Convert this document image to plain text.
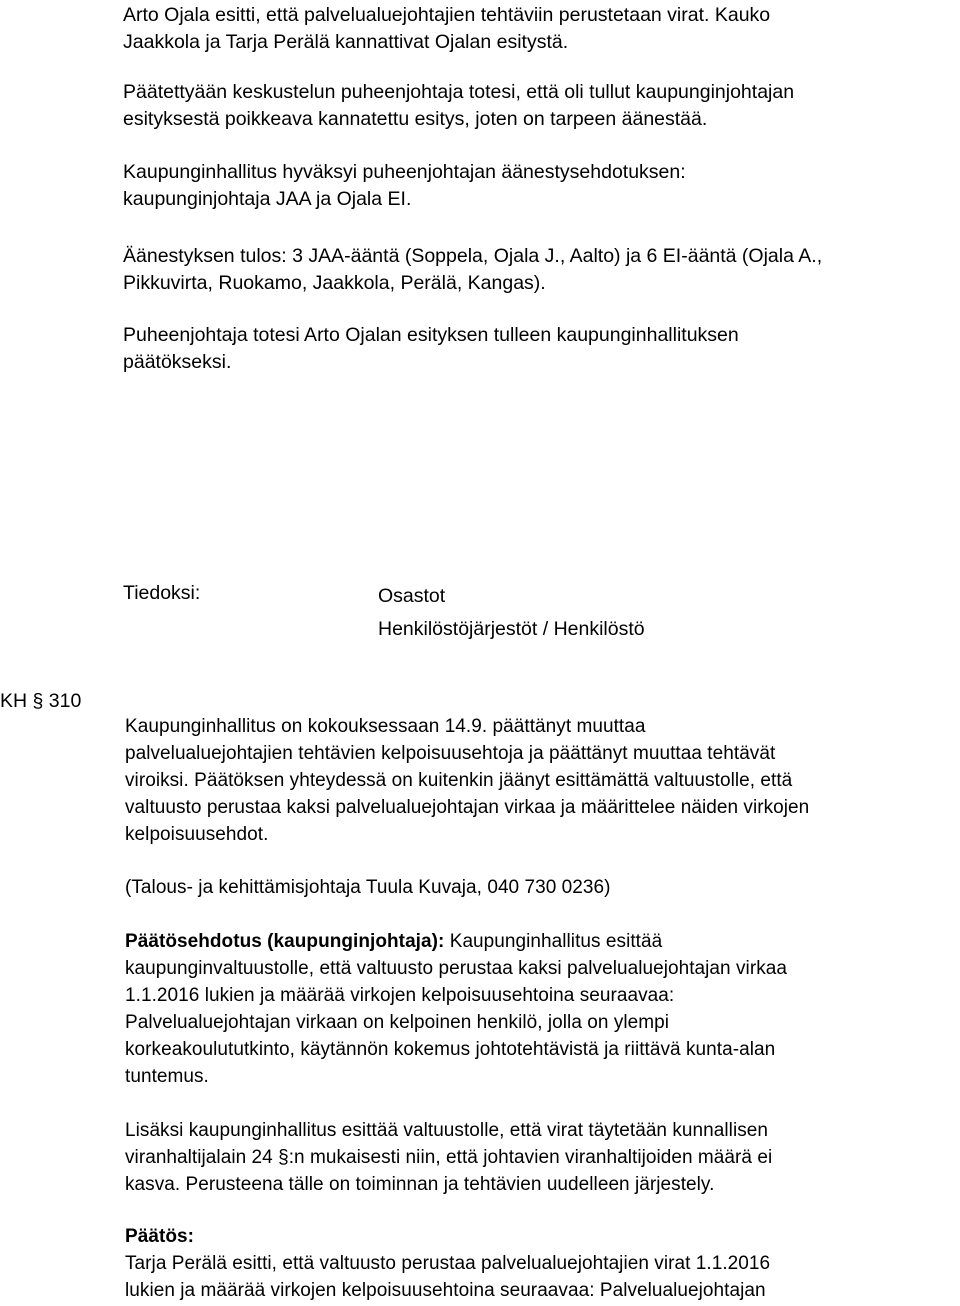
Arto Ojala esitti, että palvelualuejohtajien tehtäviin perustetaan virat. Kauko
Jaakkola ja Tarja Perälä kannattivat Ojalan esitystä.
Päätettyään keskustelun puheenjohtaja totesi, että oli tullut kaupunginjohtajan
esityksestä poikkeava kannatettu esitys, joten on tarpeen äänestää.
Kaupunginhallitus hyväksyi puheenjohtajan äänestysehdotuksen:
kaupunginjohtaja JAA ja Ojala EI.
Äänestyksen tulos: 3 JAA-ääntä (Soppela, Ojala J., Aalto) ja 6 EI-ääntä (Ojala A.,
Pikkuvirta, Ruokamo, Jaakkola, Perälä, Kangas).
Puheenjohtaja totesi Arto Ojalan esityksen tulleen kaupunginhallituksen
päätökseksi.
Tiedoksi:	Osastot
Henkilöstöjärjestöt / Henkilöstö
KH § 310
Kaupunginhallitus on kokouksessaan 14.9. päättänyt muuttaa
palvelualuejohtajien tehtävien kelpoisuusehtoja ja päättänyt muuttaa tehtävät
viroiksi. Päätöksen yhteydessä on kuitenkin jäänyt esittämättä valtuustolle, että
valtuusto perustaa kaksi palvelualuejohtajan virkaa ja määrittelee näiden virkojen
kelpoisuusehdot.
(Talous- ja kehittämisjohtaja Tuula Kuvaja, 040 730 0236)
Päätösehdotus (kaupunginjohtaja): Kaupunginhallitus esittää
kaupunginvaltuustolle, että valtuusto perustaa kaksi palvelualuejohtajan virkaa
1.1.2016 lukien ja määrää virkojen kelpoisuusehtoina seuraavaa:
Palvelualuejohtajan virkaan on kelpoinen henkilö, jolla on ylempi
korkeakoulututkinto, käytännön kokemus johtotehtävistä ja riittävä kunta-alan
tuntemus.
Lisäksi kaupunginhallitus esittää valtuustolle, että virat täytetään kunnallisen
viranhaltijalain 24 §:n mukaisesti niin, että johtavien viranhaltijoiden määrä ei
kasva. Perusteena tälle on toiminnan ja tehtävien uudelleen järjestely.
Päätös:
Tarja Perälä esitti, että valtuusto perustaa palvelualuejohtajien virat 1.1.2016
lukien ja määrää virkojen kelpoisuusehtoina seuraavaa: Palvelualuejohtajan
